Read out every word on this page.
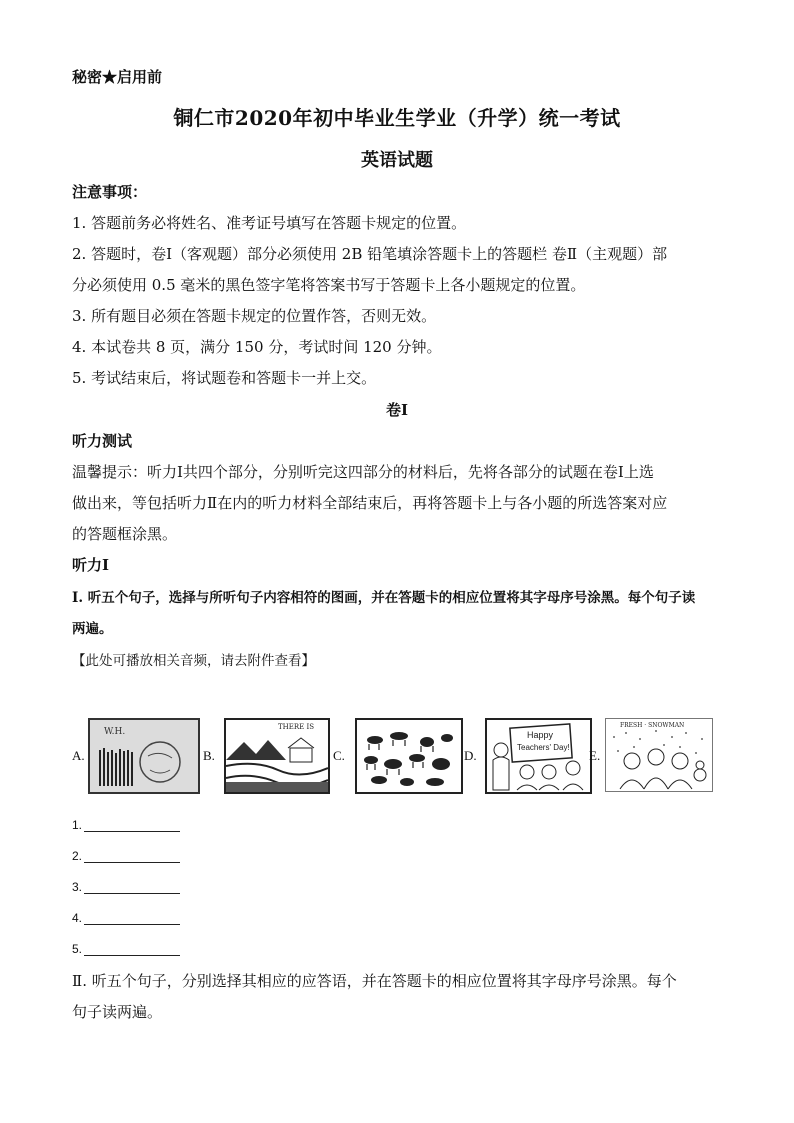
秘密★启用前
铜仁市2020年初中毕业生学业（升学）统一考试
英语试题
注意事项：
1. 答题前务必将姓名、准考证号填写在答题卡规定的位置。
2. 答题时，卷Ⅰ（客观题）部分必须使用 2B 铅笔填涂答题卡上的答题栏 卷Ⅱ（主观题）部
分必须使用 0.5 毫米的黑色签字笔将答案书写于答题卡上各小题规定的位置。
3. 所有题目必须在答题卡规定的位置作答，否则无效。
4. 本试卷共 8 页，满分 150 分，考试时间 120 分钟。
5. 考试结束后，将试题卷和答题卡一并上交。
卷Ⅰ
听力测试
温馨提示：听力Ⅰ共四个部分，分别听完这四部分的材料后，先将各部分的试题在卷Ⅰ上选
做出来，等包括听力Ⅱ在内的听力材料全部结束后，再将答题卡上与各小题的所选答案对应
的答题框涂黑。
听力Ⅰ
Ⅰ. 听五个句子，选择与所听句子内容相符的图画，并在答题卡的相应位置将其字母序号涂黑。每个句子读
两遍。
【此处可播放相关音频，请去附件查看】
A.
W.H.
B.
THERE IS
C.	D.
Happy
Teachers' Day!
E.
FRESH · SNOWMAN
1.
2.
3.
4.
5.
Ⅱ. 听五个句子，分别选择其相应的应答语，并在答题卡的相应位置将其字母序号涂黑。每个
句子读两遍。
